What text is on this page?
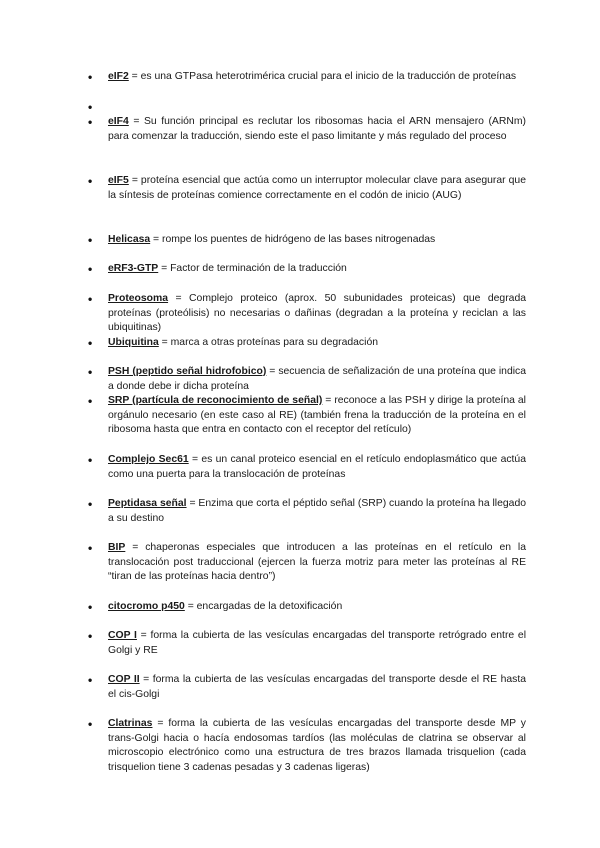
• eIF2 = es una GTPasa heterotrimérica crucial para el inicio de la traducción de proteínas
• eIF4 = Su función principal es reclutar los ribosomas hacia el ARN mensajero (ARNm) para comenzar la traducción, siendo este el paso limitante y más regulado del proceso
• eIF5 = proteína esencial que actúa como un interruptor molecular clave para asegurar que la síntesis de proteínas comience correctamente en el codón de inicio (AUG)
• Helicasa = rompe los puentes de hidrógeno de las bases nitrogenadas
• eRF3-GTP = Factor de terminación de la traducción
• Proteosoma = Complejo proteico (aprox. 50 subunidades proteicas) que degrada proteínas (proteólisis) no necesarias o dañinas (degradan a la proteína y reciclan a las ubiquitinas)
• Ubiquitina = marca a otras proteínas para su degradación
• PSH (peptido señal hidrofobico) = secuencia de señalización de una proteína que indica a donde debe ir dicha proteína
• SRP (partícula de reconocimiento de señal) = reconoce a las PSH y dirige la proteína al orgánulo necesario (en este caso al RE) (también frena la traducción de la proteína en el ribosoma hasta que entra en contacto con el receptor del retículo)
• Complejo Sec61 = es un canal proteico esencial en el retículo endoplasmático que actúa como una puerta para la translocación de proteínas
• Peptidasa señal = Enzima que corta el péptido señal (SRP) cuando la proteína ha llegado a su destino
• BIP = chaperonas especiales que introducen a las proteínas en el retículo en la translocación post traduccional (ejercen la fuerza motriz para meter las proteínas al RE “tiran de las proteínas hacia dentro”)
• citocromo p450 = encargadas de la detoxificación
• COP I = forma la cubierta de las vesículas encargadas del transporte retrógrado entre el Golgi y RE
• COP II = forma la cubierta de las vesículas encargadas del transporte desde el RE hasta el cis-Golgi
• Clatrinas = forma la cubierta de las vesículas encargadas del transporte desde MP y trans-Golgi hacia o hacía endosomas tardíos (las moléculas de clatrina se observar al microscopio electrónico como una estructura de tres brazos llamada trisquelion (cada trisquelion tiene 3 cadenas pesadas y 3 cadenas ligeras)
